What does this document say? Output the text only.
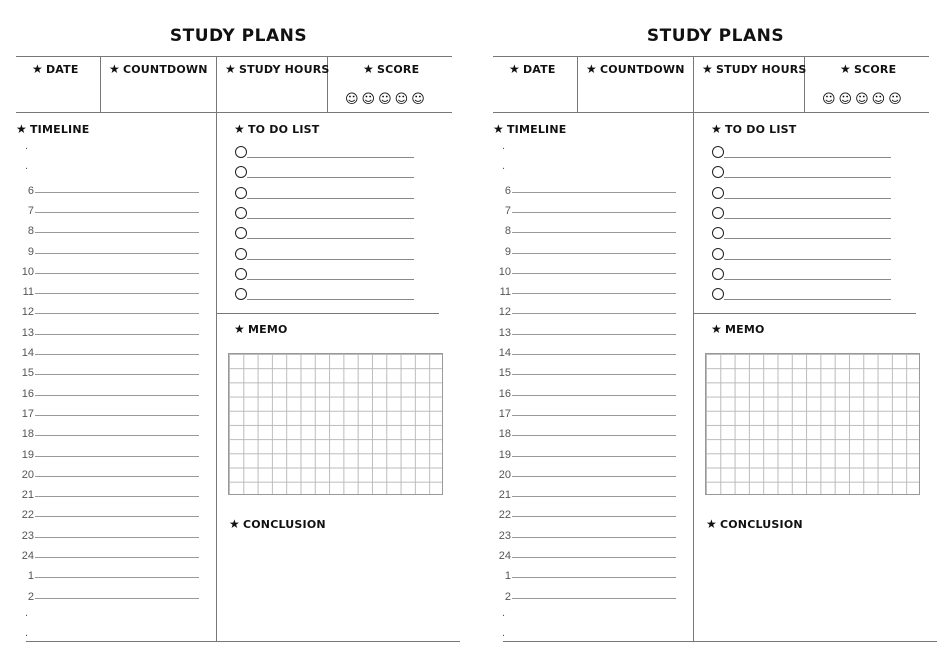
STUDY PLANS
★ DATE	★ COUNTDOWN ★ STUDY HOURS	★ SCORE
☺☺☺☺☺
★ TIMELINE
.
.
6
7
8
9
10
11
12
13
14
15
16
17
18
19
20
21
22
23
24
1
2
.
.
★ TO DO LIST
★ MEMO
★ CONCLUSION
STUDY PLANS
★ DATE	★ COUNTDOWN ★ STUDY HOURS	★ SCORE
☺☺☺☺☺
★ TIMELINE
.
.
6
7
8
9
10
11
12
13
14
15
16
17
18
19
20
21
22
23
24
1
2
.
.
★ TO DO LIST
★ MEMO
★ CONCLUSION
